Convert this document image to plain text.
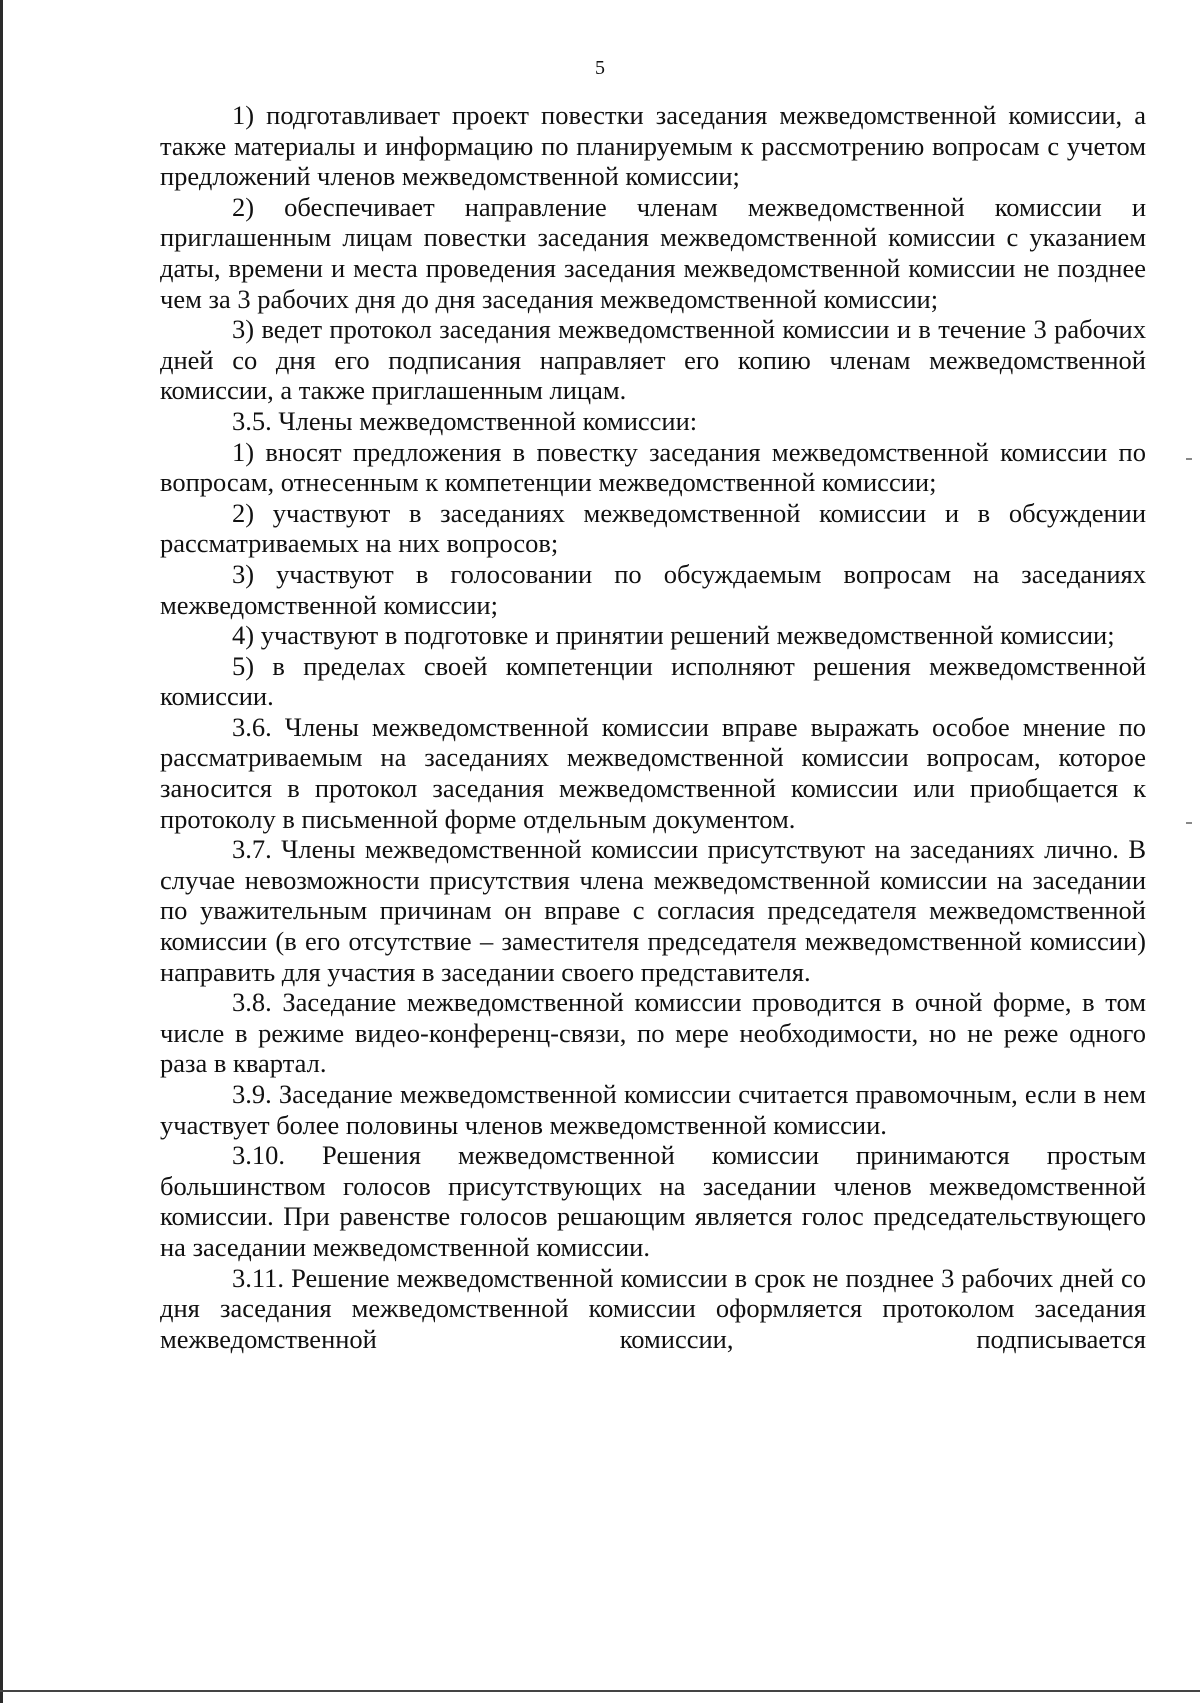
5

1) подготавливает проект повестки заседания межведомственной комиссии, а также материалы и информацию по планируемым к рассмотрению вопросам с учетом предложений членов межведомственной комиссии;

2) обеспечивает направление членам межведомственной комиссии и приглашенным лицам повестки заседания межведомственной комиссии с указанием даты, времени и места проведения заседания межведомственной комиссии не позднее чем за 3 рабочих дня до дня заседания межведомственной комиссии;

3) ведет протокол заседания межведомственной комиссии и в течение 3 рабочих дней со дня его подписания направляет его копию членам межведомственной комиссии, а также приглашенным лицам.

3.5. Члены межведомственной комиссии:

1) вносят предложения в повестку заседания межведомственной комиссии по вопросам, отнесенным к компетенции межведомственной комиссии;

2) участвуют в заседаниях межведомственной комиссии и в обсуждении рассматриваемых на них вопросов;

3) участвуют в голосовании по обсуждаемым вопросам на заседаниях межведомственной комиссии;

4) участвуют в подготовке и принятии решений межведомственной комиссии;

5) в пределах своей компетенции исполняют решения межведомственной комиссии.

3.6. Члены межведомственной комиссии вправе выражать особое мнение по рассматриваемым на заседаниях межведомственной комиссии вопросам, которое заносится в протокол заседания межведомственной комиссии или приобщается к протоколу в письменной форме отдельным документом.

3.7. Члены межведомственной комиссии присутствуют на заседаниях лично. В случае невозможности присутствия члена межведомственной комиссии на заседании по уважительным причинам он вправе с согласия председателя межведомственной комиссии (в его отсутствие – заместителя председателя межведомственной комиссии) направить для участия в заседании своего представителя.

3.8. Заседание межведомственной комиссии проводится в очной форме, в том числе в режиме видео-конференц-связи, по мере необходимости, но не реже одного раза в квартал.

3.9. Заседание межведомственной комиссии считается правомочным, если в нем участвует более половины членов межведомственной комиссии.

3.10. Решения межведомственной комиссии принимаются простым большинством голосов присутствующих на заседании членов межведомственной комиссии. При равенстве голосов решающим является голос председательствующего на заседании межведомственной комиссии.

3.11. Решение межведомственной комиссии в срок не позднее 3 рабочих дней со дня заседания межведомственной комиссии оформляется протоколом заседания межведомственной комиссии, подписывается
